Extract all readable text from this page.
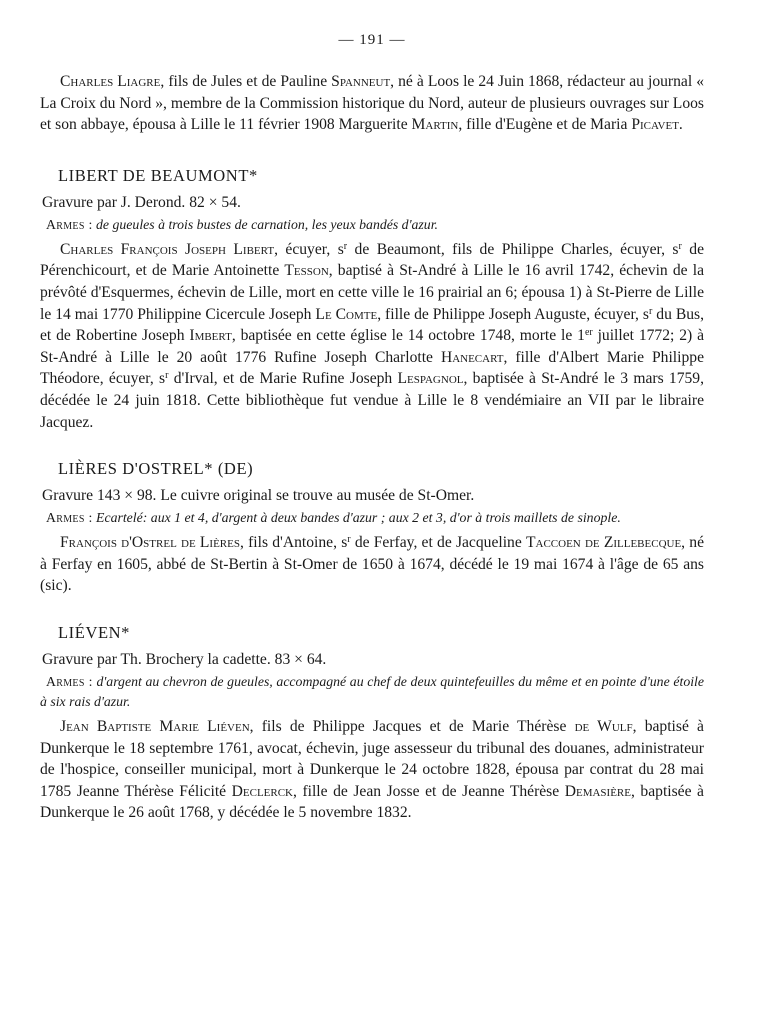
— 191 —

Charles Liagre, fils de Jules et de Pauline Spanneut, né à Loos le 24 Juin 1868, rédacteur au journal « La Croix du Nord », membre de la Commission historique du Nord, auteur de plusieurs ouvrages sur Loos et son abbaye, épousa à Lille le 11 février 1908 Marguerite Martin, fille d'Eugène et de Maria Picavet.

LIBERT DE BEAUMONT*
Gravure par J. Derond. 82 × 54.

Armes : de gueules à trois bustes de carnation, les yeux bandés d'azur.

Charles François Joseph Libert, écuyer, $s^r$ de Beaumont, fils de Philippe Charles, écuyer, $s^r$ de Pérenchicourt, et de Marie Antoinette Tesson, baptisé à St-André à Lille le 16 avril 1742, échevin de la prévôté d'Esquermes, échevin de Lille, mort en cette ville le 16 prairial an 6; épousa 1) à St-Pierre de Lille le 14 mai 1770 Philippine Cicercule Joseph Le Comte, fille de Philippe Joseph Auguste, écuyer, $s^r$ du Bus, et de Robertine Joseph Imbert, baptisée en cette église le 14 octobre 1748, morte le 1er juillet 1772; 2) à St-André à Lille le 20 août 1776 Rufine Joseph Charlotte Hanecart, fille d'Albert Marie Philippe Théodore, écuyer, $s^r$ d'Irval, et de Marie Rufine Joseph Lespagnol, baptisée à St-André le 3 mars 1759, décédée le 24 juin 1818. Cette bibliothèque fut vendue à Lille le 8 vendémiaire an VII par le libraire Jacquez.

LIÈRES D'OSTREL* (DE)
Gravure 143 × 98. Le cuivre original se trouve au musée de St-Omer.

Armes : Ecartelé: aux 1 et 4, d'argent à deux bandes d'azur ; aux 2 et 3, d'or à trois maillets de sinople.

François d'Ostrel de Lières, fils d'Antoine, $s^r$ de Ferfay, et de Jacqueline Taccoen de Zillebecque, né à Ferfay en 1605, abbé de St-Bertin à St-Omer de 1650 à 1674, décédé le 19 mai 1674 à l'âge de 65 ans (sic).

LIÉVEN*
Gravure par Th. Brochery la cadette. 83 × 64.

Armes : d'argent au chevron de gueules, accompagné au chef de deux quintefeuilles du même et en pointe d'une étoile à six rais d'azur.

Jean Baptiste Marie Liéven, fils de Philippe Jacques et de Marie Thérèse de Wulf, baptisé à Dunkerque le 18 septembre 1761, avocat, échevin, juge assesseur du tribunal des douanes, administrateur de l'hospice, conseiller municipal, mort à Dunkerque le 24 octobre 1828, épousa par contrat du 28 mai 1785 Jeanne Thérèse Félicité Declerck, fille de Jean Josse et de Jeanne Thérèse Demasière, baptisée à Dunkerque le 26 août 1768, y décédée le 5 novembre 1832.
